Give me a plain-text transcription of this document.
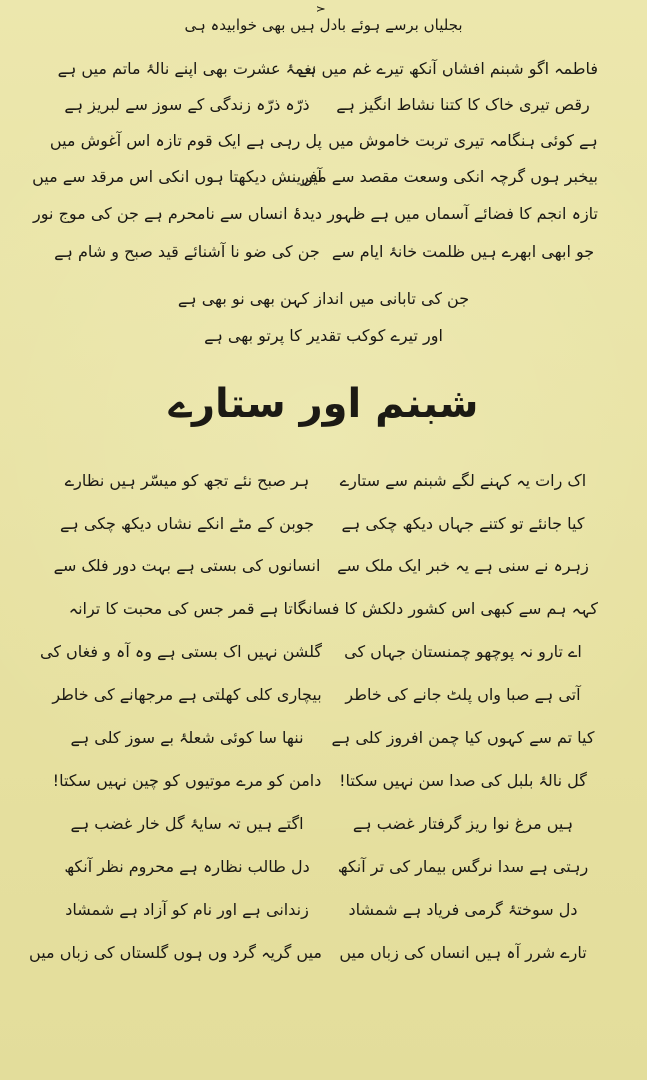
٨
بجلیاں برسے ہوئے بادل ہیں بھی خوابیدہ ہی
فاطمہ اگو شبنم افشاں آنکھ تیرے غم میں ہے
نغمۂ عشرت بھی اپنے نالۂ ماتم میں ہے
رقص تیری خاک کا کتنا نشاط انگیز ہے
ذرّہ ذرّہ زندگی کے سوز سے لبریز ہے
ہے کوئی ہنگامہ تیری تربت خاموش میں
پل رہی ہے ایک قوم تازہ اس آغوش میں
بیخبر ہوں گرچہ انکی وسعت مقصد سے میں
آفرینش دیکھتا ہوں انکی اس مرقد سے میں
تازہ انجم کا فضائے آسماں میں ہے ظہور
دیدۂ انساں سے نامحرم ہے جن کی موج نور
جو ابھی ابھرے ہیں ظلمت خانۂ ایام سے
جن کی ضو نا آشنائے قید صبح و شام ہے
جن کی تابانی میں انداز کہن بھی نو بھی ہے
اور تیرے کوکب تقدیر کا پرتو بھی ہے
شبنم اور ستارے
اک رات یہ کہنے لگے شبنم سے ستارے
ہر صبح نئے تجھ کو میسّر ہیں نظارے
کیا جانئے تو کتنے جہاں دیکھ چکی ہے
جوبن کے مٹے انکے نشاں دیکھ چکی ہے
زہرہ نے سنی ہے یہ خبر ایک ملک سے
انسانوں کی بستی ہے بہت دور فلک سے
کہہ ہم سے کبھی اس کشور دلکش کا فسانہ
گاتا ہے قمر جس کی محبت کا ترانہ
اے تارو نہ پوچھو چمنستان جہاں کی
گلشن نہیں اک بستی ہے وہ آہ و فغاں کی
آتی ہے صبا واں پلٹ جانے کی خاطر
بیچاری کلی کھلتی ہے مرجھانے کی خاطر
کیا تم سے کہوں کیا چمن افروز کلی ہے
ننھا سا کوئی شعلۂ بے سوز کلی ہے
گل نالۂ بلبل کی صدا سن نہیں سکتا!
دامن کو مرے موتیوں کو چین نہیں سکتا!
ہیں مرغ نوا ریز گرفتار غضب ہے
اگتے ہیں تہ سایۂ گل خار غضب ہے
رہتی ہے سدا نرگس بیمار کی تر آنکھ
دل طالب نظارہ ہے محروم نظر آنکھ
دل سوختۂ گرمی فریاد ہے شمشاد
زندانی ہے اور نام کو آزاد ہے شمشاد
تارے شرر آہ ہیں انساں کی زباں میں
میں گریہ گرد وں ہوں گلستاں کی زباں میں
